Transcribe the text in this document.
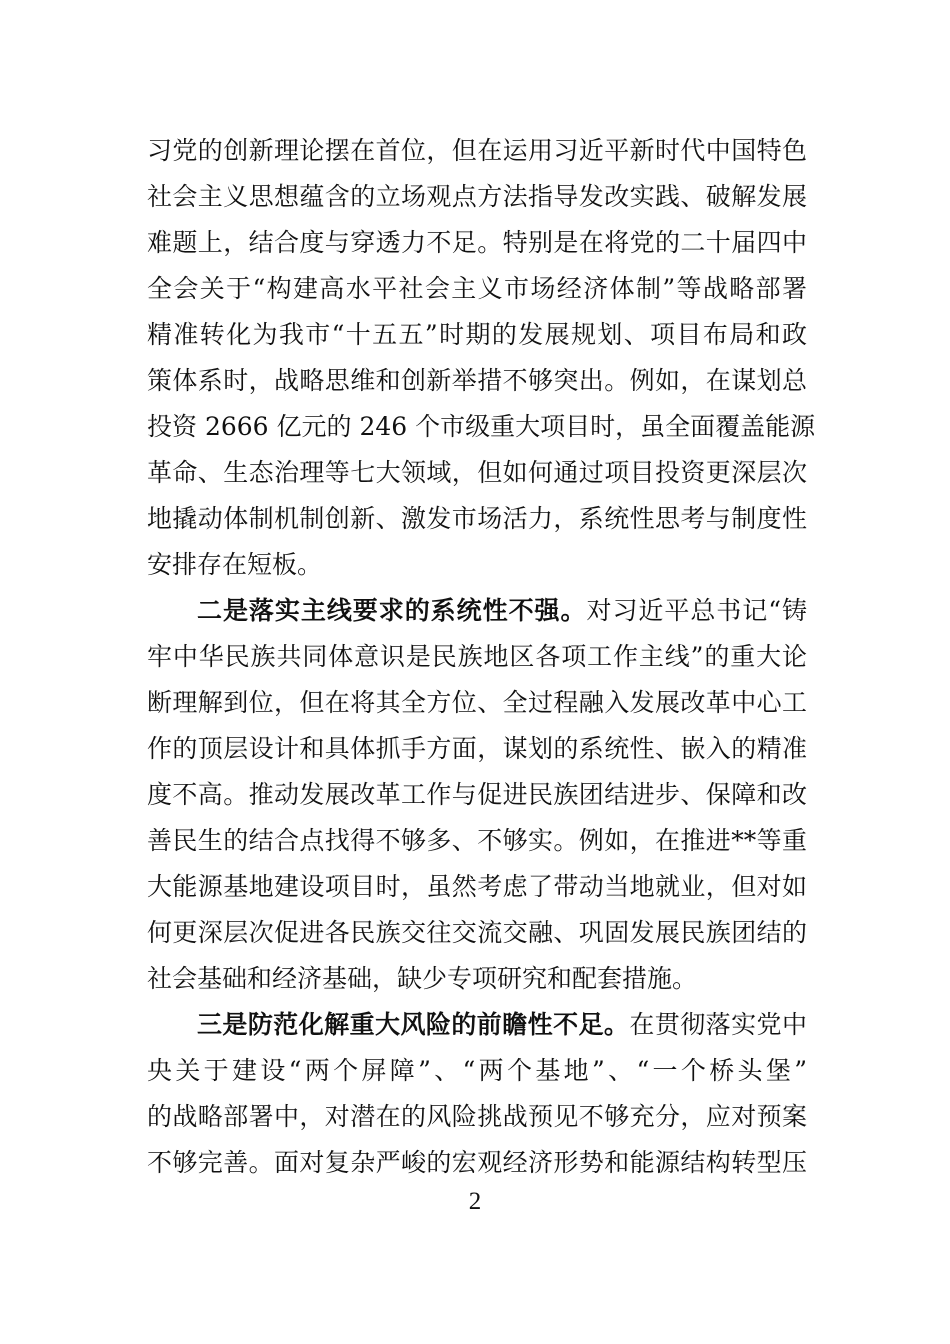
习党的创新理论摆在首位，但在运用习近平新时代中国特色
社会主义思想蕴含的立场观点方法指导发改实践、破解发展
难题上，结合度与穿透力不足。特别是在将党的二十届四中
全会关于“构建高水平社会主义市场经济体制”等战略部署
精准转化为我市“十五五”时期的发展规划、项目布局和政
策体系时，战略思维和创新举措不够突出。例如，在谋划总
投资 2666 亿元的 246 个市级重大项目时，虽全面覆盖能源
革命、生态治理等七大领域，但如何通过项目投资更深层次
地撬动体制机制创新、激发市场活力，系统性思考与制度性
安排存在短板。
二是落实主线要求的系统性不强。对习近平总书记“铸
牢中华民族共同体意识是民族地区各项工作主线”的重大论
断理解到位，但在将其全方位、全过程融入发展改革中心工
作的顶层设计和具体抓手方面，谋划的系统性、嵌入的精准
度不高。推动发展改革工作与促进民族团结进步、保障和改
善民生的结合点找得不够多、不够实。例如，在推进**等重
大能源基地建设项目时，虽然考虑了带动当地就业，但对如
何更深层次促进各民族交往交流交融、巩固发展民族团结的
社会基础和经济基础，缺少专项研究和配套措施。
三是防范化解重大风险的前瞻性不足。在贯彻落实党中
央关于建设“两个屏障”、“两个基地”、“一个桥头堡”
的战略部署中，对潜在的风险挑战预见不够充分，应对预案
不够完善。面对复杂严峻的宏观经济形势和能源结构转型压
2
